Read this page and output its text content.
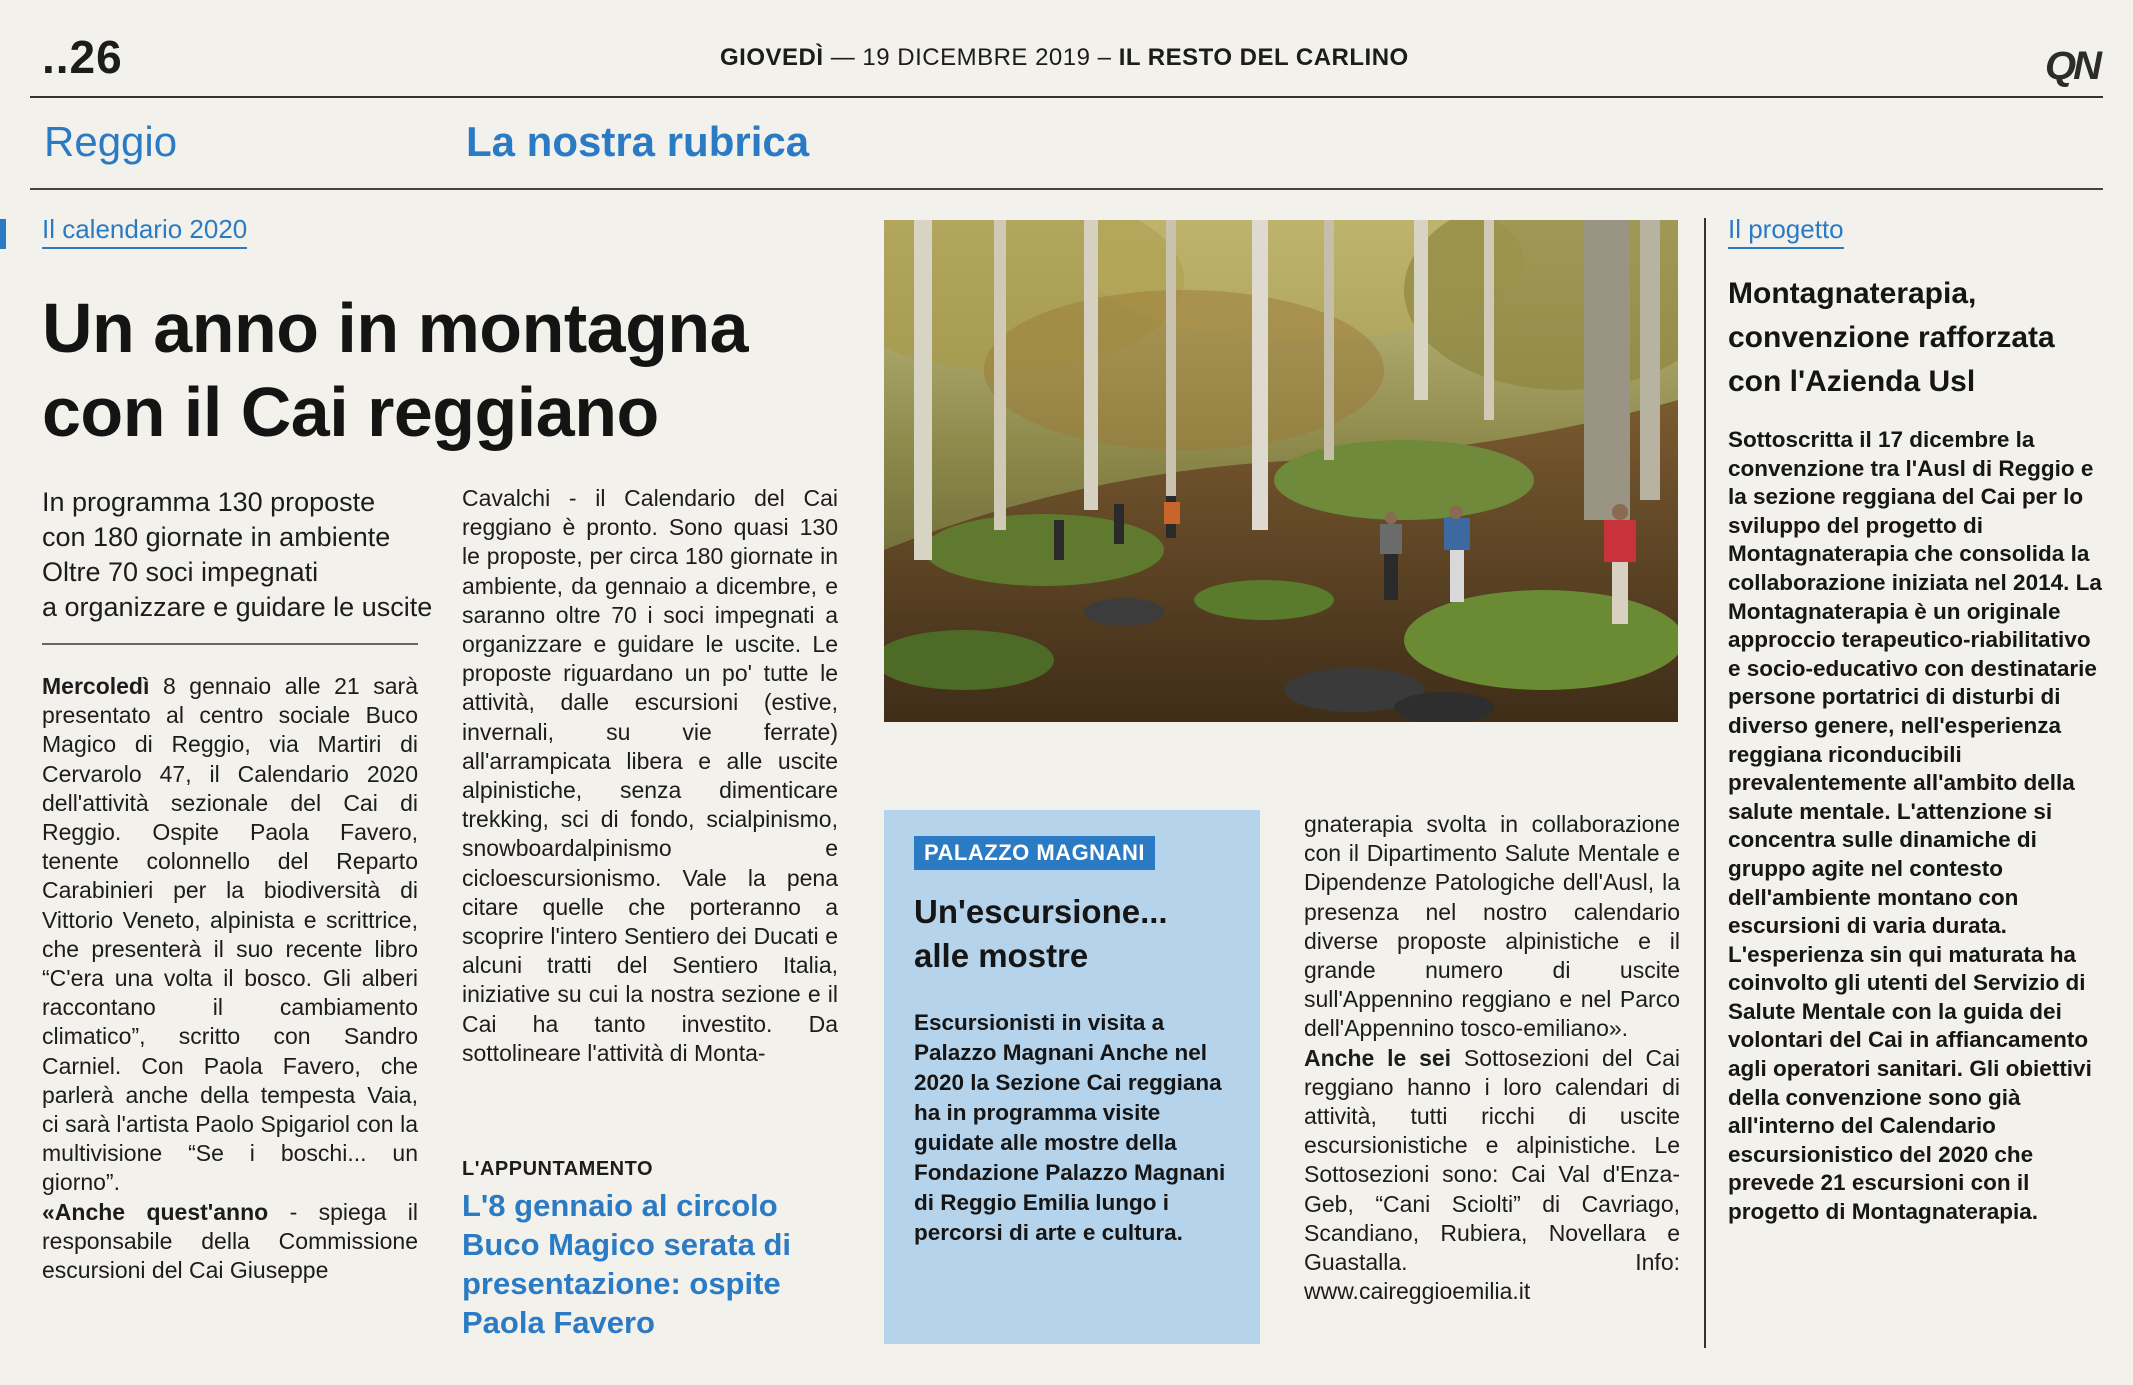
..26	GIOVEDÌ — 19 DICEMBRE 2019 – IL RESTO DEL CARLINO	QN
Reggio	La nostra rubrica
Il calendario 2020
Un anno in montagna
con il Cai reggiano
In programma 130 proposte
con 180 giornate in ambiente
Oltre 70 soci impegnati
a organizzare e guidare le uscite

Mercoledì 8 gennaio alle 21 sarà presentato al centro sociale Buco Magico di Reggio, via Martiri di Cervarolo 47, il Calendario 2020 dell'attività sezionale del Cai di Reggio. Ospite Paola Favero, tenente colonnello del Reparto Carabinieri per la biodiversità di Vittorio Veneto, alpinista e scrittrice, che presenterà il suo recente libro “C'era una volta il bosco. Gli alberi raccontano il cambiamento climatico”, scritto con Sandro Carniel. Con Paola Favero, che parlerà anche della tempesta Vaia, ci sarà l'artista Paolo Spigariol con la multivisione “Se i boschi... un giorno”.

«Anche quest'anno - spiega il responsabile della Commissione escursioni del Cai Giuseppe

Cavalchi - il Calendario del Cai reggiano è pronto. Sono quasi 130 le proposte, per circa 180 giornate in ambiente, da gennaio a dicembre, e saranno oltre 70 i soci impegnati a organizzare e guidare le uscite. Le proposte riguardano un po' tutte le attività, dalle escursioni (estive, invernali, su vie ferrate) all'arrampicata libera e alle uscite alpinistiche, senza dimenticare trekking, sci di fondo, scialpinismo, snowboardalpinismo e cicloescursionismo. Vale la pena citare quelle che porteranno a scoprire l'intero Sentiero dei Ducati e alcuni tratti del Sentiero Italia, iniziative su cui la nostra sezione e il Cai ha tanto investito. Da sottolineare l'attività di Monta-

L'APPUNTAMENTO
L'8 gennaio al circolo Buco Magico serata di presentazione: ospite Paola Favero
PALAZZO MAGNANI
Un'escursione...
alle mostre
Escursionisti in visita a Palazzo Magnani Anche nel 2020 la Sezione Cai reggiana ha in programma visite guidate alle mostre della Fondazione Palazzo Magnani di Reggio Emilia lungo i percorsi di arte e cultura.

gnaterapia svolta in collaborazione con il Dipartimento Salute Mentale e Dipendenze Patologiche dell'Ausl, la presenza nel nostro calendario diverse proposte alpinistiche e il grande numero di uscite sull'Appennino reggiano e nel Parco dell'Appennino tosco-emiliano».

Anche le sei Sottosezioni del Cai reggiano hanno i loro calendari di attività, tutti ricchi di uscite escursionistiche e alpinistiche. Le Sottosezioni sono: Cai Val d'Enza-Geb, “Cani Sciolti” di Cavriago, Scandiano, Rubiera, Novellara e Guastalla. Info: www.caireggioemilia.it

Il progetto
Montagnaterapia, convenzione rafforzata con l'Azienda Usl
Sottoscritta il 17 dicembre la convenzione tra l'Ausl di Reggio e la sezione reggiana del Cai per lo sviluppo del progetto di Montagnaterapia che consolida la collaborazione iniziata nel 2014. La Montagnaterapia è un originale approccio terapeutico-riabilitativo e socio-educativo con destinatarie persone portatrici di disturbi di diverso genere, nell'esperienza reggiana riconducibili prevalentemente all'ambito della salute mentale. L'attenzione si concentra sulle dinamiche di gruppo agite nel contesto dell'ambiente montano con escursioni di varia durata. L'esperienza sin qui maturata ha coinvolto gli utenti del Servizio di Salute Mentale con la guida dei volontari del Cai in affiancamento agli operatori sanitari. Gli obiettivi della convenzione sono già all'interno del Calendario escursionistico del 2020 che prevede 21 escursioni con il progetto di Montagnaterapia.
